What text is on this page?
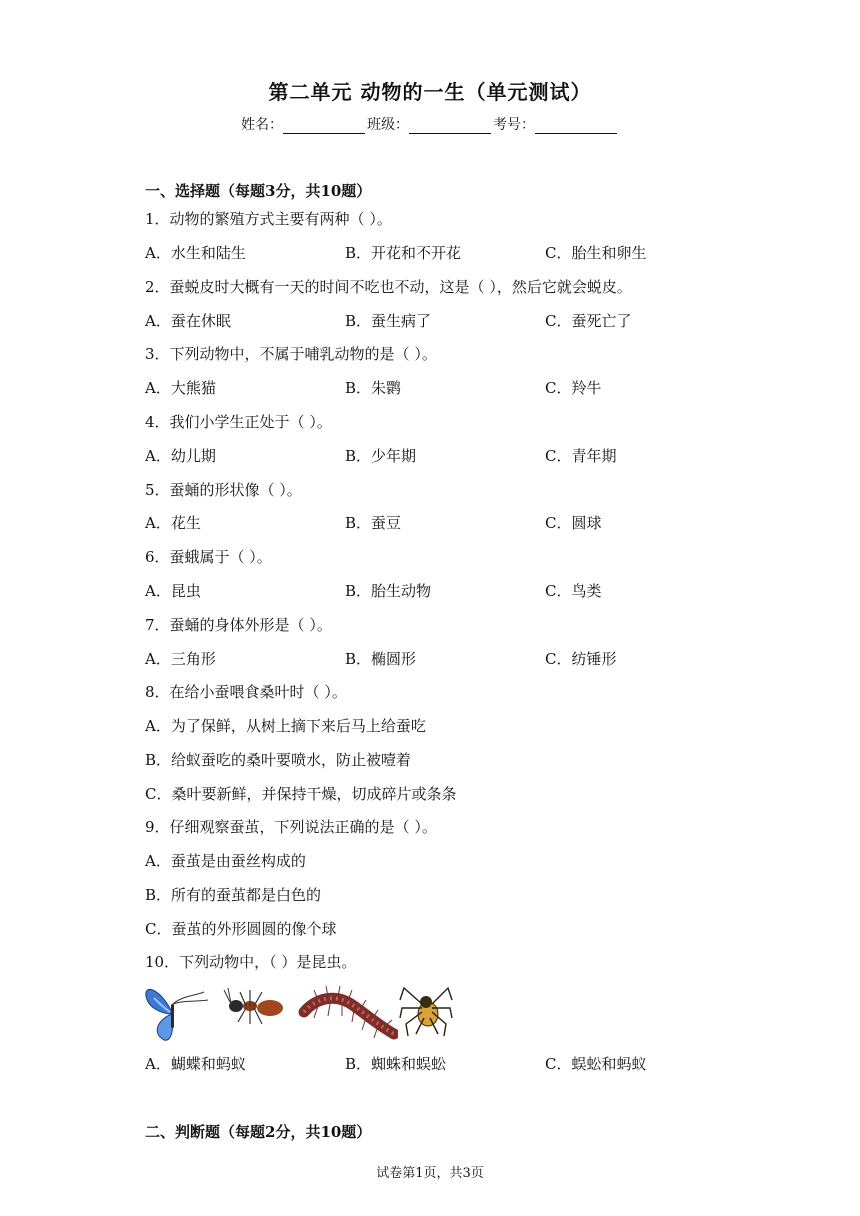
第二单元 动物的一生（单元测试）
姓名：	班级：	考号：
一、选择题（每题3分，共10题）
1．动物的繁殖方式主要有两种（ ）。
A．水生和陆生	B．开花和不开花	C．胎生和卵生
2．蚕蜕皮时大概有一天的时间不吃也不动，这是（ ），然后它就会蜕皮。
A．蚕在休眠	B．蚕生病了	C．蚕死亡了
3．下列动物中，不属于哺乳动物的是（ ）。
A．大熊猫	B．朱鹮	C．羚牛
4．我们小学生正处于（ ）。
A．幼儿期	B．少年期	C．青年期
5．蚕蛹的形状像（ ）。
A．花生	B．蚕豆	C．圆球
6．蚕蛾属于（ ）。
A．昆虫	B．胎生动物	C．鸟类
7．蚕蛹的身体外形是（ ）。
A．三角形	B．椭圆形	C．纺锤形
8．在给小蚕喂食桑叶时（ ）。
A．为了保鲜，从树上摘下来后马上给蚕吃
B．给蚁蚕吃的桑叶要喷水，防止被噎着
C．桑叶要新鲜，并保持干燥，切成碎片或条条
9．仔细观察蚕茧，下列说法正确的是（ ）。
A．蚕茧是由蚕丝构成的
B．所有的蚕茧都是白色的
C．蚕茧的外形圆圆的像个球
10．下列动物中，（ ）是昆虫。
A．蝴蝶和蚂蚁	B．蜘蛛和蜈蚣	C．蜈蚣和蚂蚁
二、判断题（每题2分，共10题）
试卷第1页，共3页
